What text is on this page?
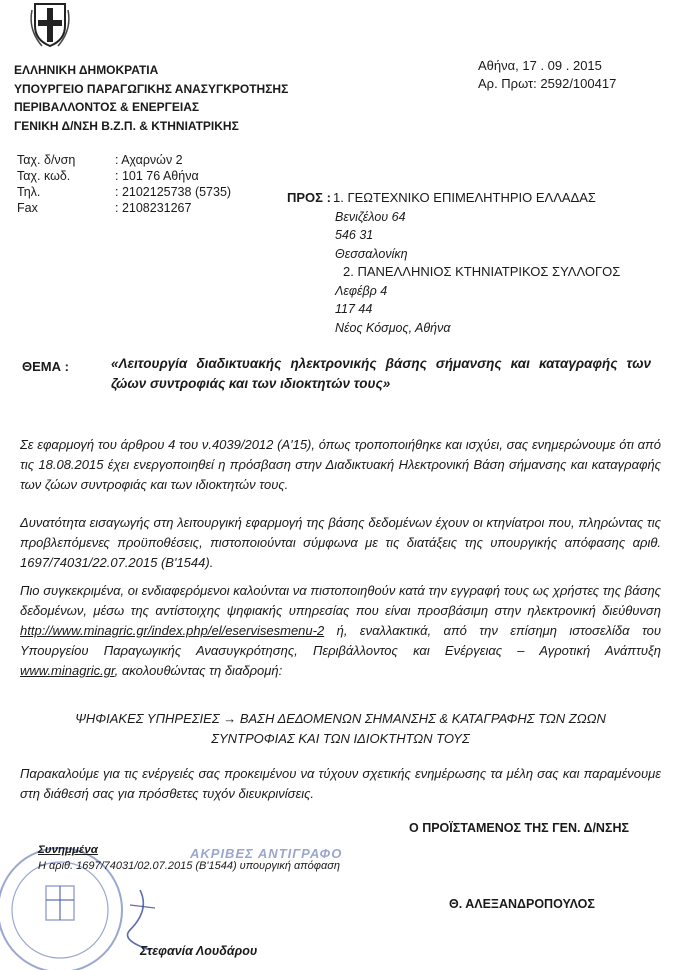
ΕΛΛΗΝΙΚΗ ΔΗΜΟΚΡΑΤΙΑ
ΥΠΟΥΡΓΕΙΟ ΠΑΡΑΓΩΓΙΚΗΣ ΑΝΑΣΥΓΚΡΟΤΗΣΗΣ
ΠΕΡΙΒΑΛΛΟΝΤΟΣ & ΕΝΕΡΓΕΙΑΣ
ΓΕΝΙΚΗ Δ/ΝΣΗ Β.Ζ.Π. & ΚΤΗΝΙΑΤΡΙΚΗΣ
Αθήνα, 17 . 09 . 2015
Αρ. Πρωτ: 2592/100417
Ταχ. δ/νση	: Αχαρνών 2
Ταχ. κωδ.	: 101 76 Αθήνα
Τηλ.	: 2102125738 (5735)
Fax	: 2108231267
ΠΡΟΣ : 1. ΓΕΩΤΕΧΝΙΚΟ ΕΠΙΜΕΛΗΤΗΡΙΟ ΕΛΛΑΔΑΣ
Βενιζέλου 64
546 31
Θεσσαλονίκη
2. ΠΑΝΕΛΛΗΝΙΟΣ ΚΤΗΝΙΑΤΡΙΚΟΣ ΣΥΛΛΟΓΟΣ
Λεφέβρ 4
117 44
Νέος Κόσμος, Αθήνα
ΘΕΜΑ :	«Λειτουργία διαδικτυακής ηλεκτρονικής βάσης σήμανσης και καταγραφής των ζώων συντροφιάς και των ιδιοκτητών τους»
Σε εφαρμογή του άρθρου 4 του ν.4039/2012 (Α'15), όπως τροποποιήθηκε και ισχύει, σας ενημερώνουμε ότι από τις 18.08.2015 έχει ενεργοποιηθεί η πρόσβαση στην Διαδικτυακή Ηλεκτρονική Βάση σήμανσης και καταγραφής των ζώων συντροφιάς και των ιδιοκτητών τους.
Δυνατότητα εισαγωγής στη λειτουργική εφαρμογή της βάσης δεδομένων έχουν οι κτηνίατροι που, πληρώντας τις προβλεπόμενες προϋποθέσεις, πιστοποιούνται σύμφωνα με τις διατάξεις της υπουργικής απόφασης αριθ. 1697/74031/22.07.2015 (Β'1544).
Πιο συγκεκριμένα, οι ενδιαφερόμενοι καλούνται να πιστοποιηθούν κατά την εγγραφή τους ως χρήστες της βάσης δεδομένων, μέσω της αντίστοιχης ψηφιακής υπηρεσίας που είναι προσβάσιμη στην ηλεκτρονική διεύθυνση http://www.minagric.gr/index.php/el/eservisesmenu-2 ή, εναλλακτικά, από την επίσημη ιστοσελίδα του Υπουργείου Παραγωγικής Ανασυγκρότησης, Περιβάλλοντος και Ενέργειας – Αγροτική Ανάπτυξη www.minagric.gr, ακολουθώντας τη διαδρομή:
ΨΗΦΙΑΚΕΣ ΥΠΗΡΕΣΙΕΣ → ΒΑΣΗ ΔΕΔΟΜΕΝΩΝ ΣΗΜΑΝΣΗΣ & ΚΑΤΑΓΡΑΦΗΣ ΤΩΝ ΖΩΩΝ
ΣΥΝΤΡΟΦΙΑΣ ΚΑΙ ΤΩΝ ΙΔΙΟΚΤΗΤΩΝ ΤΟΥΣ
Παρακαλούμε για τις ενέργειές σας προκειμένου να τύχουν σχετικής ενημέρωσης τα μέλη σας και παραμένουμε στη διάθεσή σας για πρόσθετες τυχόν διευκρινίσεις.
Ο ΠΡΟΪΣΤΑΜΕΝΟΣ ΤΗΣ ΓΕΝ. Δ/ΝΣΗΣ
Θ. ΑΛΕΞΑΝΔΡΟΠΟΥΛΟΣ
ΑΚΡΙΒΕΣ ΑΝΤΙΓΡΑΦΟ
Συνημμένα
Η αριθ. 1697/74031/02.07.2015 (Β'1544) υπουργική απόφαση
Στεφανία Λουδάρου
